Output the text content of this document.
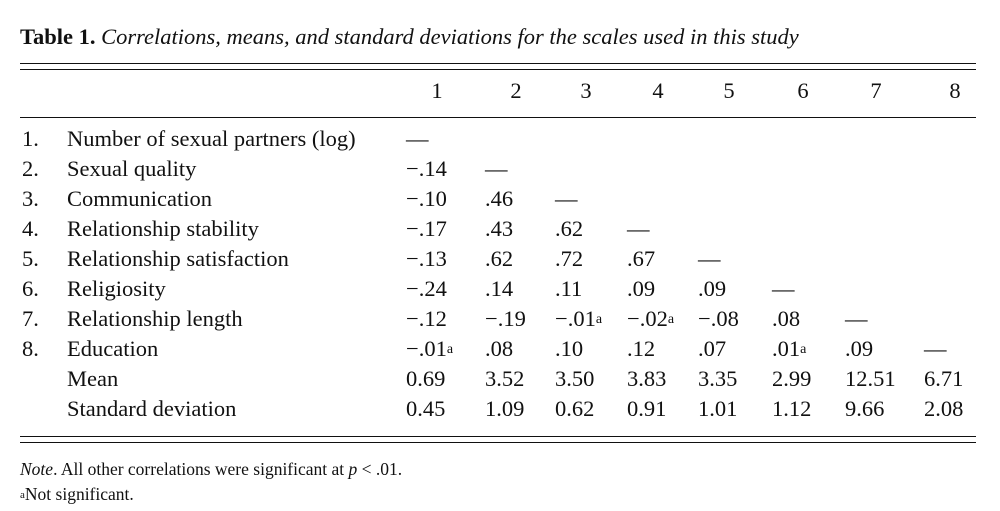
Table 1. Correlations, means, and standard deviations for the scales used in this study
1	2	3	4	5	6	7	8
1. Number of sexual partners (log) —
2. Sexual quality	−.14 —
3. Communication	−.10 .46 —
4. Relationship stability	−.17 .43 .62 —
5. Relationship satisfaction	−.13 .62 .72 .67 —
6. Religiosity	−.24 .14 .11 .09 .09 —
7. Relationship length	−.12 −.19 −.01$^a$ −.02$^a$ −.08 .08 —
8. Education	−.01$^a$ .08 .10 .12 .07 .01$^a$ .09 —
Mean	0.69 3.52 3.50 3.83 3.35 2.99 12.51 6.71
Standard deviation	0.45 1.09 0.62 0.91 1.01 1.12 9.66 2.08
Note. All other correlations were significant at p < .01.
$^a$Not significant.
